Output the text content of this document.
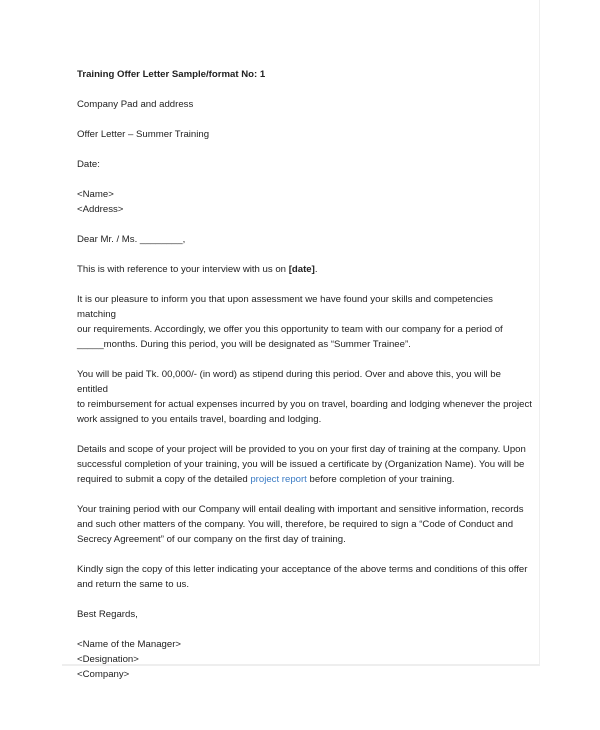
Training Offer Letter Sample/format No: 1

Company Pad and address

Offer Letter – Summer Training

Date:

<Name>

<Address>

Dear Mr. / Ms. ________,

This is with reference to your interview with us on [date].

It is our pleasure to inform you that upon assessment we have found your skills and competencies matching
our requirements. Accordingly, we offer you this opportunity to team with our company for a period of
_____months. During this period, you will be designated as “Summer Trainee”.

You will be paid Tk. 00,000/- (in word) as stipend during this period. Over and above this, you will be entitled
to reimbursement for actual expenses incurred by you on travel, boarding and lodging whenever the project
work assigned to you entails travel, boarding and lodging.

Details and scope of your project will be provided to you on your first day of training at the company. Upon
successful completion of your training, you will be issued a certificate by (Organization Name). You will be
required to submit a copy of the detailed project report before completion of your training.

Your training period with our Company will entail dealing with important and sensitive information, records
and such other matters of the company. You will, therefore, be required to sign a “Code of Conduct and
Secrecy Agreement” of our company on the first day of training.

Kindly sign the copy of this letter indicating your acceptance of the above terms and conditions of this offer
and return the same to us.

Best Regards,

<Name of the Manager>
<Designation>
<Company>
